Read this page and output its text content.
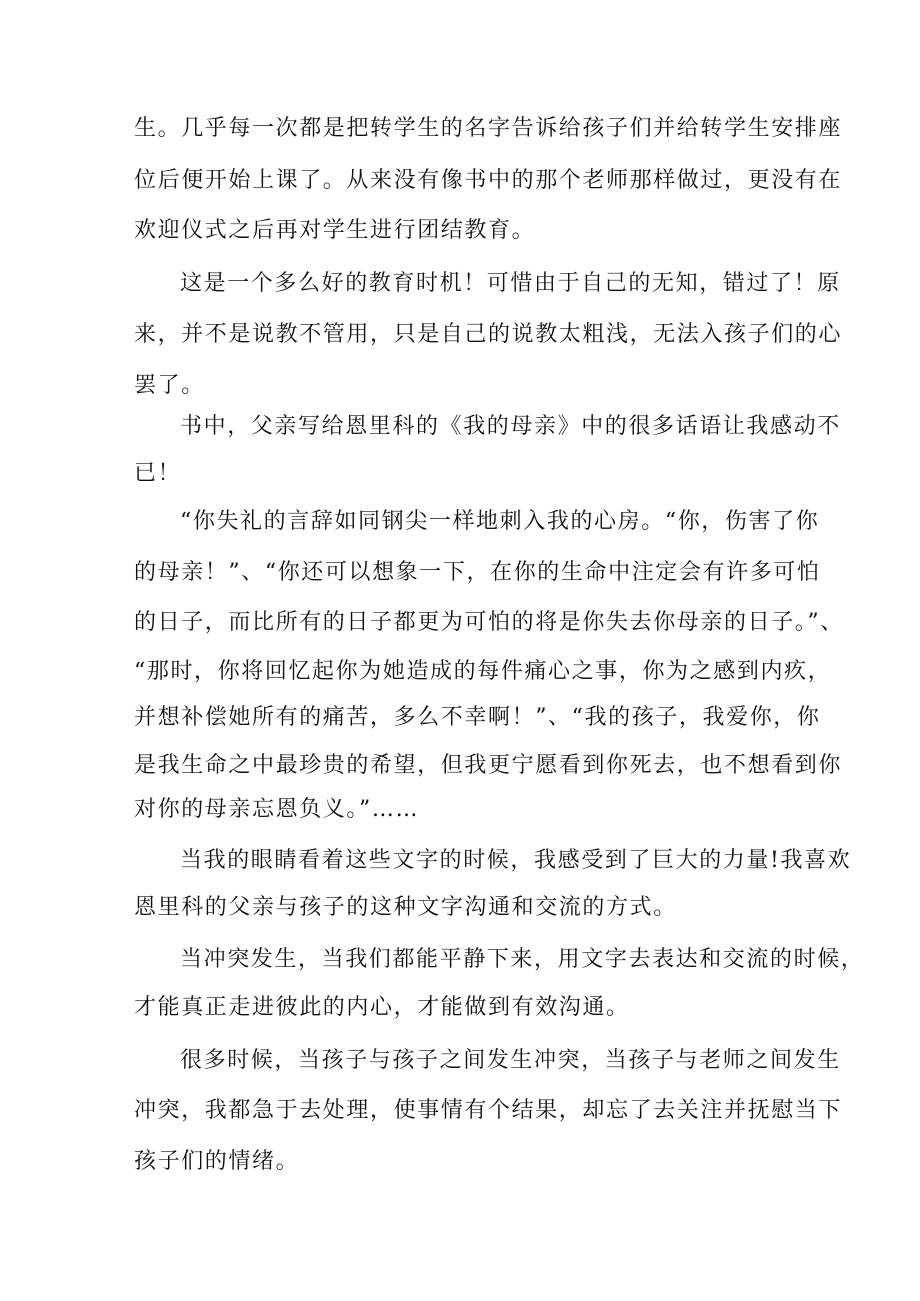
生。几乎每一次都是把转学生的名字告诉给孩子们并给转学生安排座
位后便开始上课了。从来没有像书中的那个老师那样做过，更没有在
欢迎仪式之后再对学生进行团结教育。
这是一个多么好的教育时机！可惜由于自己的无知，错过了！原
来，并不是说教不管用，只是自己的说教太粗浅，无法入孩子们的心
罢了。
书中，父亲写给恩里科的《我的母亲》中的很多话语让我感动不
已！
“你失礼的言辞如同钢尖一样地刺入我的心房。“你，伤害了你
的母亲！”、“你还可以想象一下，在你的生命中注定会有许多可怕
的日子，而比所有的日子都更为可怕的将是你失去你母亲的日子。”、
“那时，你将回忆起你为她造成的每件痛心之事，你为之感到内疚，
并想补偿她所有的痛苦，多么不幸啊！”、“我的孩子，我爱你，你
是我生命之中最珍贵的希望，但我更宁愿看到你死去，也不想看到你
对你的母亲忘恩负义。”……
当我的眼睛看着这些文字的时候，我感受到了巨大的力量!我喜欢
恩里科的父亲与孩子的这种文字沟通和交流的方式。
当冲突发生，当我们都能平静下来，用文字去表达和交流的时候，
才能真正走进彼此的内心，才能做到有效沟通。
很多时候，当孩子与孩子之间发生冲突，当孩子与老师之间发生
冲突，我都急于去处理，使事情有个结果，却忘了去关注并抚慰当下
孩子们的情绪。
